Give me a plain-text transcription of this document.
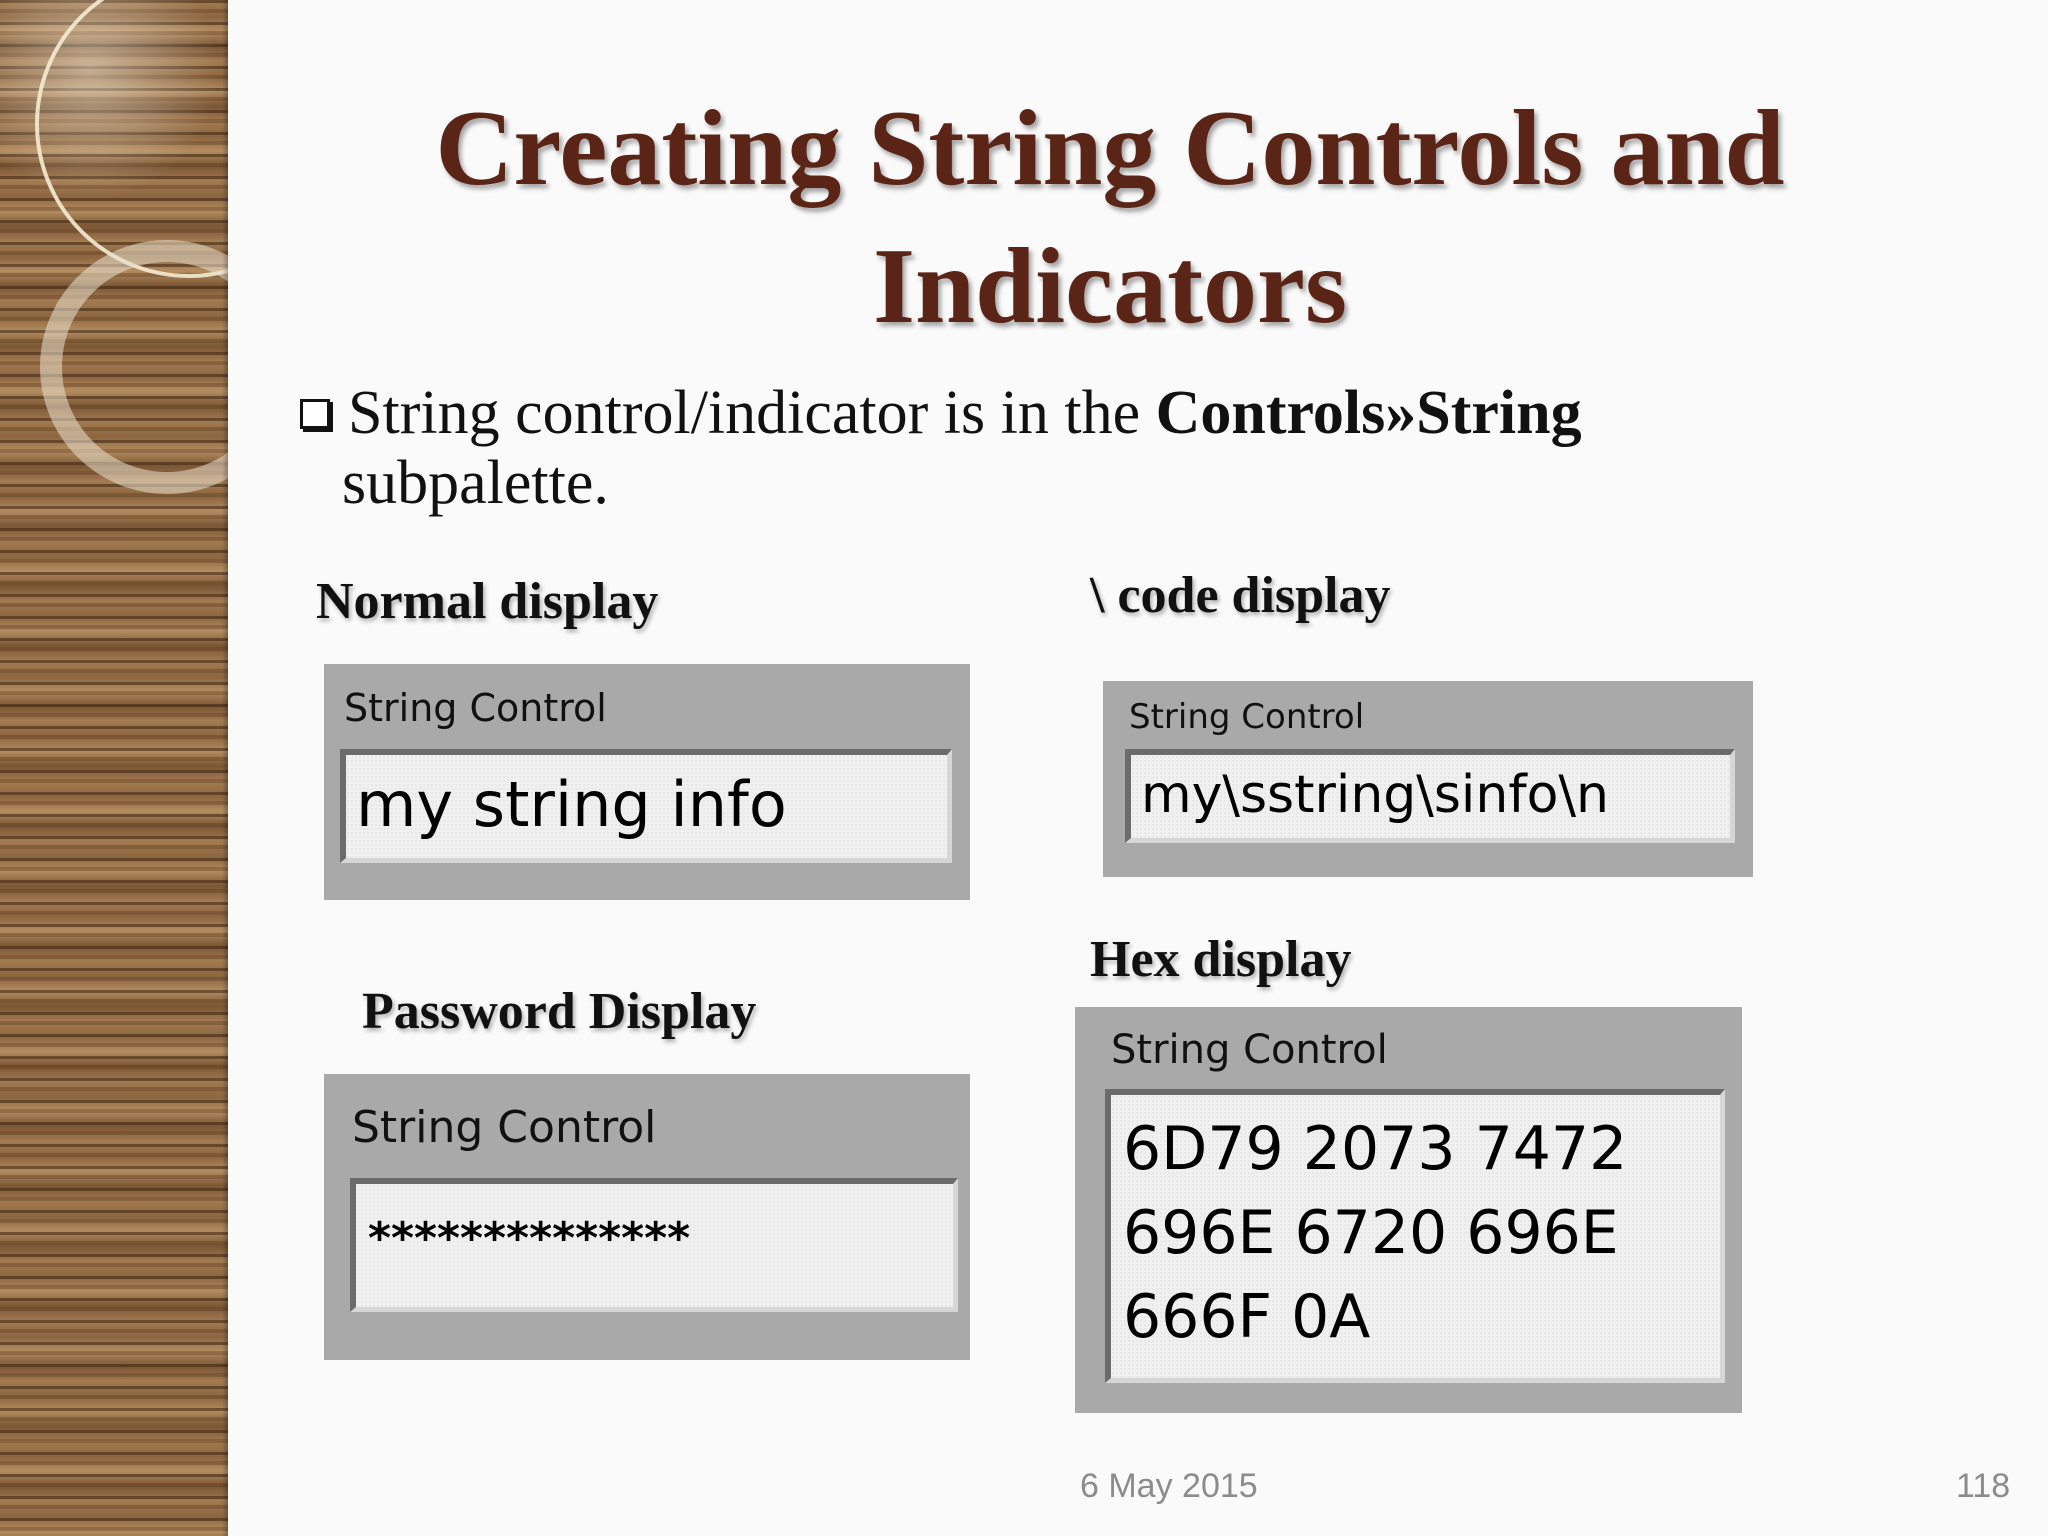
Creating String Controls and
Indicators
String control/indicator is in the Controls»String
subpalette.
Normal display
String Control
my string info
\ code display
String Control
my\sstring\sinfo\n
Password Display
String Control
**************
Hex display
String Control
6D79 2073 7472
696E 6720 696E
666F 0A
6 May 2015	118
